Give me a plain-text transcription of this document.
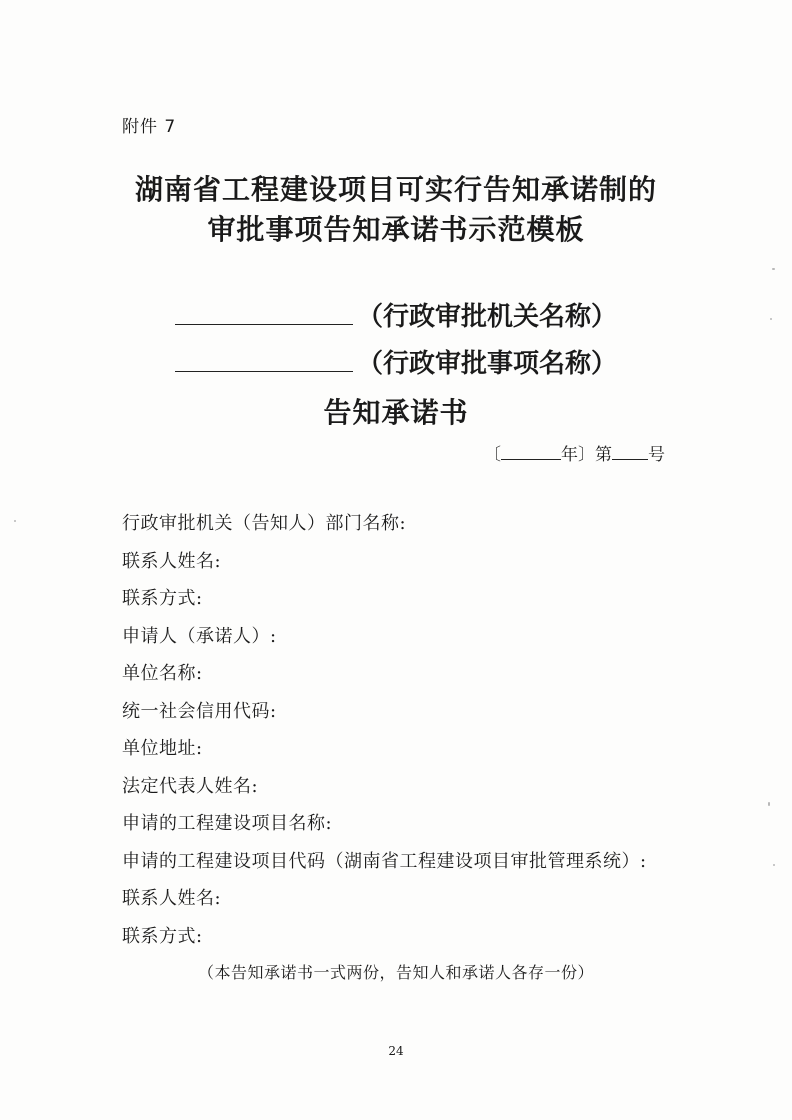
附件 7
湖南省工程建设项目可实行告知承诺制的
审批事项告知承诺书示范模板
（行政审批机关名称）
（行政审批事项名称）
告知承诺书
〔	年〕第 号
行政审批机关（告知人）部门名称:
联系人姓名:
联系方式:
申请人（承诺人）:
单位名称:
统一社会信用代码:
单位地址:
法定代表人姓名:
申请的工程建设项目名称:
申请的工程建设项目代码（湖南省工程建设项目审批管理系统）:
联系人姓名:
联系方式:
（本告知承诺书一式两份，告知人和承诺人各存一份）
24
